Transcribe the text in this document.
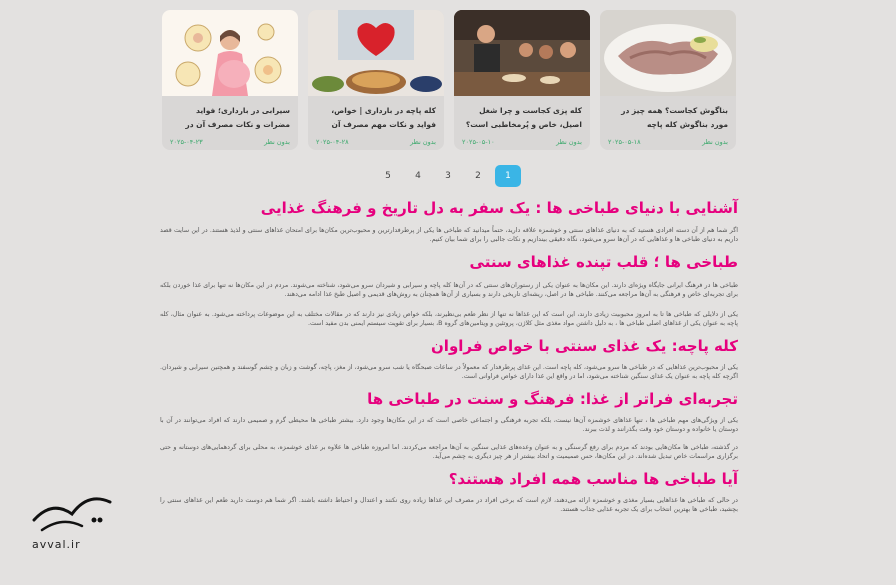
سیرابی در بارداری؛ فواید مضرات و نکات مصرف آن در
بدون نظر
۲۰۲۵-۰۴-۲۳
کله پاچه در بارداری | خواص، فواید و نکات مهم مصرف آن
بدون نظر
۲۰۲۵-۰۴-۲۸
کله پزی کجاست و چرا شغل اصیل، خاص و پُرمخاطبی است؟
بدون نظر
۲۰۲۵-۰۵-۱۰
بناگوش کجاست؟ همه چیز در مورد بناگوش کله پاچه
بدون نظر
۲۰۲۵-۰۵-۱۸
5	4	3	2	1
آشنایی با دنیای طباخی ها : یک سفر به دل تاریخ و فرهنگ غذایی

اگر شما هم از آن دسته افرادی هستید که به دنیای غذاهای سنتی و خوشمزه علاقه دارید، حتماً میدانید که طباخی ها یکی از پرطرفدارترین و محبوب‌ترین مکان‌ها برای امتحان غذاهای سنتی و لذیذ هستند. در این سایت قصد داریم به دنیای طباخی ها و غذاهایی که در آن‌ها سرو می‌شود، نگاه دقیقی بیندازیم و نکات جالبی را برای شما بیان کنیم.

طباخی ها ؛ قلب تپنده غذاهای سنتی

طباخی ها در فرهنگ ایرانی جایگاه ویژه‌ای دارند. این مکان‌ها به عنوان یکی از رستوران‌های سنتی که در آن‌ها کله پاچه و سیرابی و شیردان سرو می‌شود، شناخته می‌شوند. مردم در این مکان‌ها نه تنها برای غذا خوردن بلکه برای تجربه‌ای خاص و فرهنگی به آن‌ها مراجعه می‌کنند. طباخی ها در اصل، ریشه‌ای تاریخی دارند و بسیاری از آن‌ها همچنان به روش‌های قدیمی و اصیل طبخ غذا ادامه می‌دهند.

یکی از دلایلی که طباخی ها تا به امروز محبوبیت زیادی دارند، این است که این غذاها نه تنها از نظر طعم بی‌نظیرند، بلکه خواص زیادی نیز دارند که در مقالات مختلف به این موضوعات پرداخته می‌شود. به عنوان مثال، کله پاچه به عنوان یکی از غذاهای اصلی طباخی ها ، به دلیل داشتن مواد مغذی مثل کلاژن، پروتئین و ویتامین‌های گروه B، بسیار برای تقویت سیستم ایمنی بدن مفید است.

کله پاچه: یک غذای سنتی با خواص فراوان

یکی از محبوب‌ترین غذاهایی که در طباخی ها سرو می‌شود، کله پاچه است. این غذای پرطرفدار که معمولاً در ساعات صبحگاه یا شب سرو می‌شود، از مغز، پاچه، گوشت و زبان و چشم گوسفند و همچنین سیرابی و شیردان. اگرچه کله پاچه به عنوان یک غذای سنگین شناخته می‌شود، اما در واقع این غذا دارای خواص فراوانی است.

تجربه‌ای فراتر از غذا: فرهنگ و سنت در طباخی ها

یکی از ویژگی‌های مهم طباخی ها ، تنها غذاهای خوشمزه آن‌ها نیست، بلکه تجربه فرهنگی و اجتماعی خاصی است که در این مکان‌ها وجود دارد. بیشتر طباخی ها محیطی گرم و صمیمی دارند که افراد می‌توانند در آن با دوستان یا خانواده و دوستان خود وقت بگذرانند و لذت ببرند.

در گذشته، طباخی ها مکان‌هایی بودند که مردم برای رفع گرسنگی و به عنوان وعده‌های غذایی سنگین به آن‌ها مراجعه می‌کردند. اما امروزه طباخی ها علاوه بر غذای خوشمزه، به محلی برای گردهمایی‌های دوستانه و حتی برگزاری مراسمات خاص تبدیل شده‌اند. در این مکان‌ها، حس صمیمیت و اتحاد بیشتر از هر چیز دیگری به چشم می‌آید.

آیا طباخی ها مناسب همه افراد هستند؟

در حالی که طباخی ها غذاهایی بسیار مغذی و خوشمزه ارائه می‌دهند، لازم است که برخی افراد در مصرف این غذاها زیاده روی نکنند و اعتدال و احتیاط داشته باشند. اگر شما هم دوست دارید طعم این غذاهای سنتی را بچشید، طباخی ها بهترین انتخاب برای یک تجربه غذایی جذاب هستند.

avval.ir
